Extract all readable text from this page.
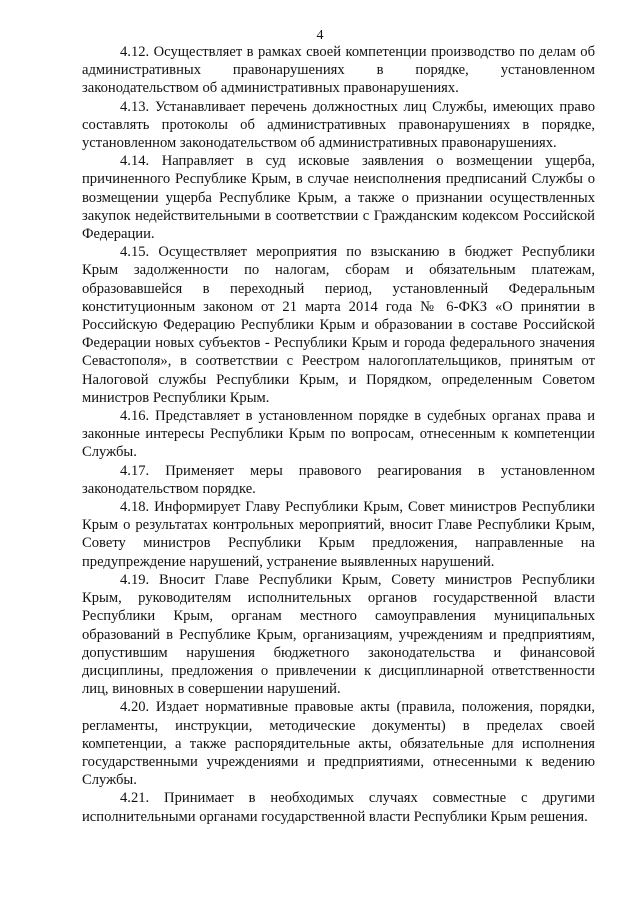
4

4.12. Осуществляет в рамках своей компетенции производство по делам об административных правонарушениях в порядке, установленном законодательством об административных правонарушениях.

4.13. Устанавливает перечень должностных лиц Службы, имеющих право составлять протоколы об административных правонарушениях в порядке, установленном законодательством об административных правонарушениях.

4.14. Направляет в суд исковые заявления о возмещении ущерба, причиненного Республике Крым, в случае неисполнения предписаний Службы о возмещении ущерба Республике Крым, а также о признании осуществленных закупок недействительными в соответствии с Гражданским кодексом Российской Федерации.

4.15. Осуществляет мероприятия по взысканию в бюджет Республики Крым задолженности по налогам, сборам и обязательным платежам, образовавшейся в переходный период, установленный Федеральным конституционным законом от 21 марта 2014 года № 6-ФКЗ «О принятии в Российскую Федерацию Республики Крым и образовании в составе Российской Федерации новых субъектов - Республики Крым и города федерального значения Севастополя», в соответствии с Реестром налогоплательщиков, принятым от Налоговой службы Республики Крым, и Порядком, определенным Советом министров Республики Крым.

4.16. Представляет в установленном порядке в судебных органах права и законные интересы Республики Крым по вопросам, отнесенным к компетенции Службы.

4.17. Применяет меры правового реагирования в установленном законодательством порядке.

4.18. Информирует Главу Республики Крым, Совет министров Республики Крым о результатах контрольных мероприятий, вносит Главе Республики Крым, Совету министров Республики Крым предложения, направленные на предупреждение нарушений, устранение выявленных нарушений.

4.19. Вносит Главе Республики Крым, Совету министров Республики Крым, руководителям исполнительных органов государственной власти Республики Крым, органам местного самоуправления муниципальных образований в Республике Крым, организациям, учреждениям и предприятиям, допустившим нарушения бюджетного законодательства и финансовой дисциплины, предложения о привлечении к дисциплинарной ответственности лиц, виновных в совершении нарушений.

4.20. Издает нормативные правовые акты (правила, положения, порядки, регламенты, инструкции, методические документы) в пределах своей компетенции, а также распорядительные акты, обязательные для исполнения государственными учреждениями и предприятиями, отнесенными к ведению Службы.

4.21. Принимает в необходимых случаях совместные с другими исполнительными органами государственной власти Республики Крым решения.
